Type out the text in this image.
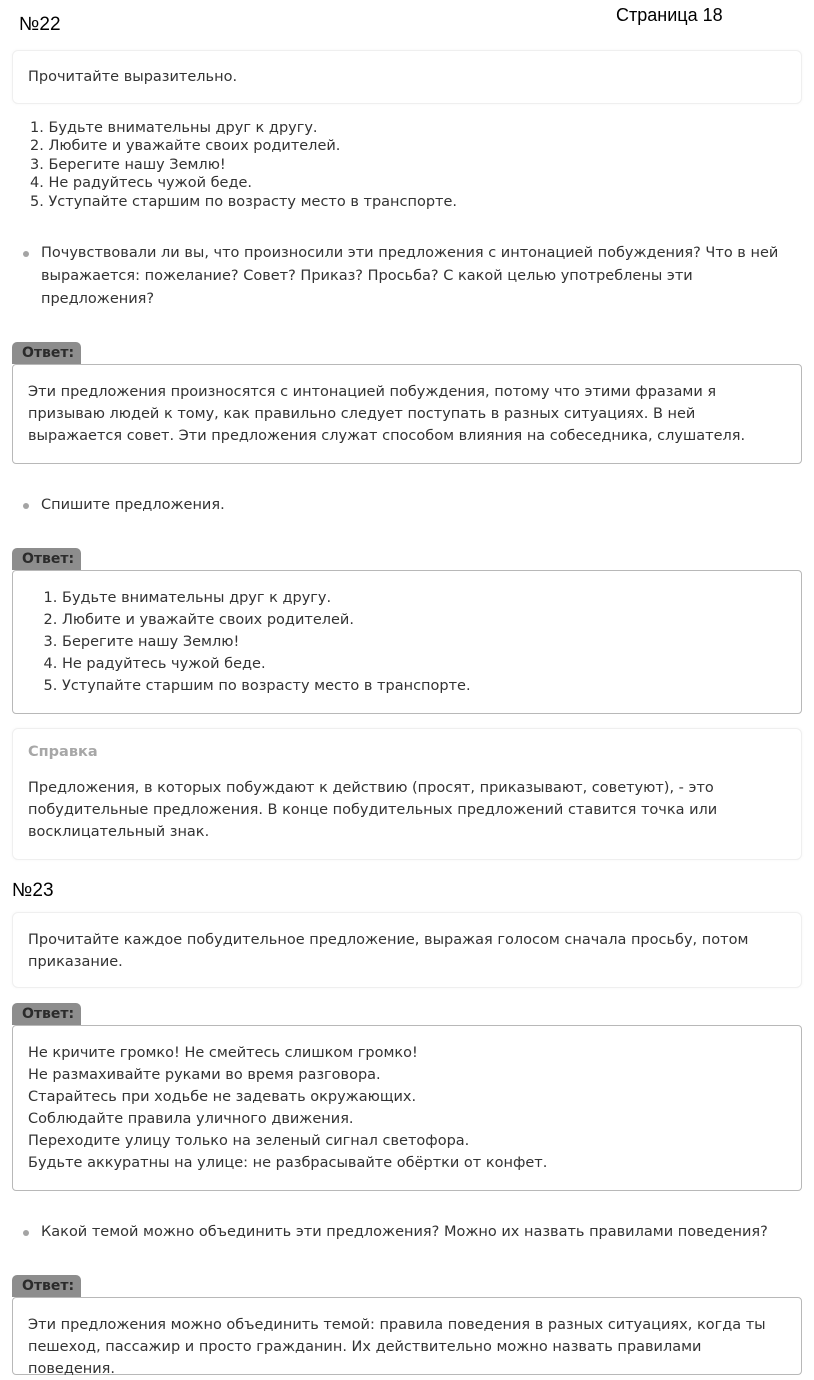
№22	Страница 18
Прочитайте выразительно.
1. Будьте внимательны друг к другу.
2. Любите и уважайте своих родителей.
3. Берегите нашу Землю!
4. Не радуйтесь чужой беде.
5. Уступайте старшим по возрасту место в транспорте.
Почувствовали ли вы, что произносили эти предложения с интонацией побуждения? Что в ней выражается: пожелание? Совет? Приказ? Просьба? С какой целью употреблены эти предложения?
Ответ:
Эти предложения произносятся с интонацией побуждения, потому что этими фразами я призываю людей к тому, как правильно следует поступать в разных ситуациях. В ней выражается совет. Эти предложения служат способом влияния на собеседника, слушателя.
Спишите предложения.
Ответ:
1. Будьте внимательны друг к другу.
2. Любите и уважайте своих родителей.
3. Берегите нашу Землю!
4. Не радуйтесь чужой беде.
5. Уступайте старшим по возрасту место в транспорте.
Справка
Предложения, в которых побуждают к действию (просят, приказывают, советуют), - это побудительные предложения. В конце побудительных предложений ставится точка или восклицательный знак.
№23
Прочитайте каждое побудительное предложение, выражая голосом сначала просьбу, потом приказание.
Ответ:
Не кричите громко! Не смейтесь слишком громко!
Не размахивайте руками во время разговора.
Старайтесь при ходьбе не задевать окружающих.
Соблюдайте правила уличного движения.
Переходите улицу только на зеленый сигнал светофора.
Будьте аккуратны на улице: не разбрасывайте обёртки от конфет.
Какой темой можно объединить эти предложения? Можно их назвать правилами поведения?
Ответ:
Эти предложения можно объединить темой: правила поведения в разных ситуациях, когда ты пешеход, пассажир и просто гражданин. Их действительно можно назвать правилами поведения.
